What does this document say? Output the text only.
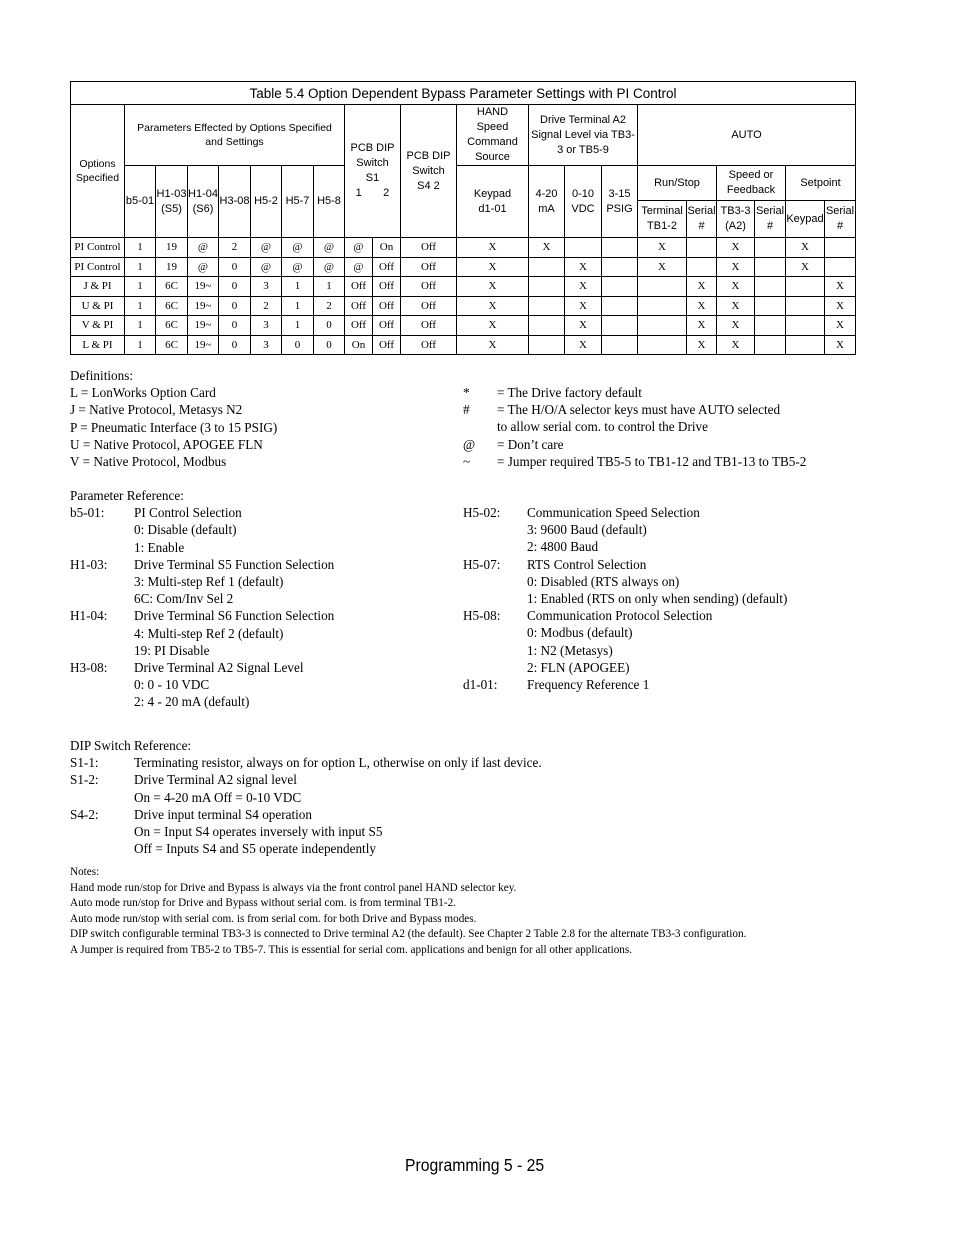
Table 5.4 Option Dependent Bypass Parameter Settings with PI Control																				
Options Specified	Parameters Effected by Options Specified and Settings							PCB DIP Switch S1
1       2		PCB DIP Switch S4 2	HAND Speed Command Source	Drive Terminal A2 Signal Level via TB3-3 or TB5-9			AUTO					
	b5-01	H1-03 (S5)	H1-04 (S6)	H3-08	H5-2	H5-7	H5-8				Keypad d1-01	4-20 mA	0-10 VDC	3-15 PSIG	Run/Stop		Speed or Feedback		Setpoint
															Terminal TB1-2	Serial #	TB3-3 (A2)	Serial #	Keypad	Serial #
PI Control	1	19	@	2	@	@	@	@	On	Off	X	X			X		X		X	
PI Control	1	19	@	0	@	@	@	@	Off	Off	X		X		X		X		X	
J & PI	1	6C	19~	0	3	1	1	Off	Off	Off	X		X			X	X			X
U & PI	1	6C	19~	0	2	1	2	Off	Off	Off	X		X			X	X			X
V & PI	1	6C	19~	0	3	1	0	Off	Off	Off	X		X			X	X			X
L & PI	1	6C	19~	0	3	0	0	On	Off	Off	X		X			X	X			X
Definitions:
L = LonWorks Option Card
J = Native Protocol, Metasys N2
P = Pneumatic Interface (3 to 15 PSIG)
U = Native Protocol, APOGEE FLN
V = Native Protocol, Modbus
*	= The Drive factory default
#	= The H/O/A selector keys must have AUTO selected
to allow serial com. to control the Drive
@	= Don’t care
~	= Jumper required TB5-5 to TB1-12 and TB1-13 to TB5-2
Parameter Reference:
b5-01:	PI Control Selection
0: Disable (default)
1: Enable
H1-03:	Drive Terminal S5 Function Selection
3: Multi-step Ref 1 (default)
6C: Com/Inv Sel 2
H1-04:	Drive Terminal S6 Function Selection
4: Multi-step Ref 2 (default)
19: PI Disable
H3-08:	Drive Terminal A2 Signal Level
0: 0 - 10 VDC
2: 4 - 20 mA (default)
H5-02:	Communication Speed Selection
3: 9600 Baud (default)
2: 4800 Baud
H5-07:	RTS Control Selection
0: Disabled (RTS always on)
1: Enabled (RTS on only when sending) (default)
H5-08:	Communication Protocol Selection
0: Modbus (default)
1: N2 (Metasys)
2: FLN (APOGEE)
d1-01:	Frequency Reference 1
DIP Switch Reference:
S1-1:	Terminating resistor, always on for option L, otherwise on only if last device.
S1-2:	Drive Terminal A2 signal level
On = 4-20 mA Off = 0-10 VDC
S4-2:	Drive input terminal S4 operation
On = Input S4 operates inversely with input S5
Off = Inputs S4 and S5 operate independently
Notes:
Hand mode run/stop for Drive and Bypass is always via the front control panel HAND selector key.
Auto mode run/stop for Drive and Bypass without serial com. is from terminal TB1-2.
Auto mode run/stop with serial com. is from serial com. for both Drive and Bypass modes.
DIP switch configurable terminal TB3-3 is connected to Drive terminal A2 (the default). See Chapter 2 Table 2.8 for the alternate TB3-3 configuration.
A Jumper is required from TB5-2 to TB5-7. This is essential for serial com. applications and benign for all other applications.
Programming 5 - 25
